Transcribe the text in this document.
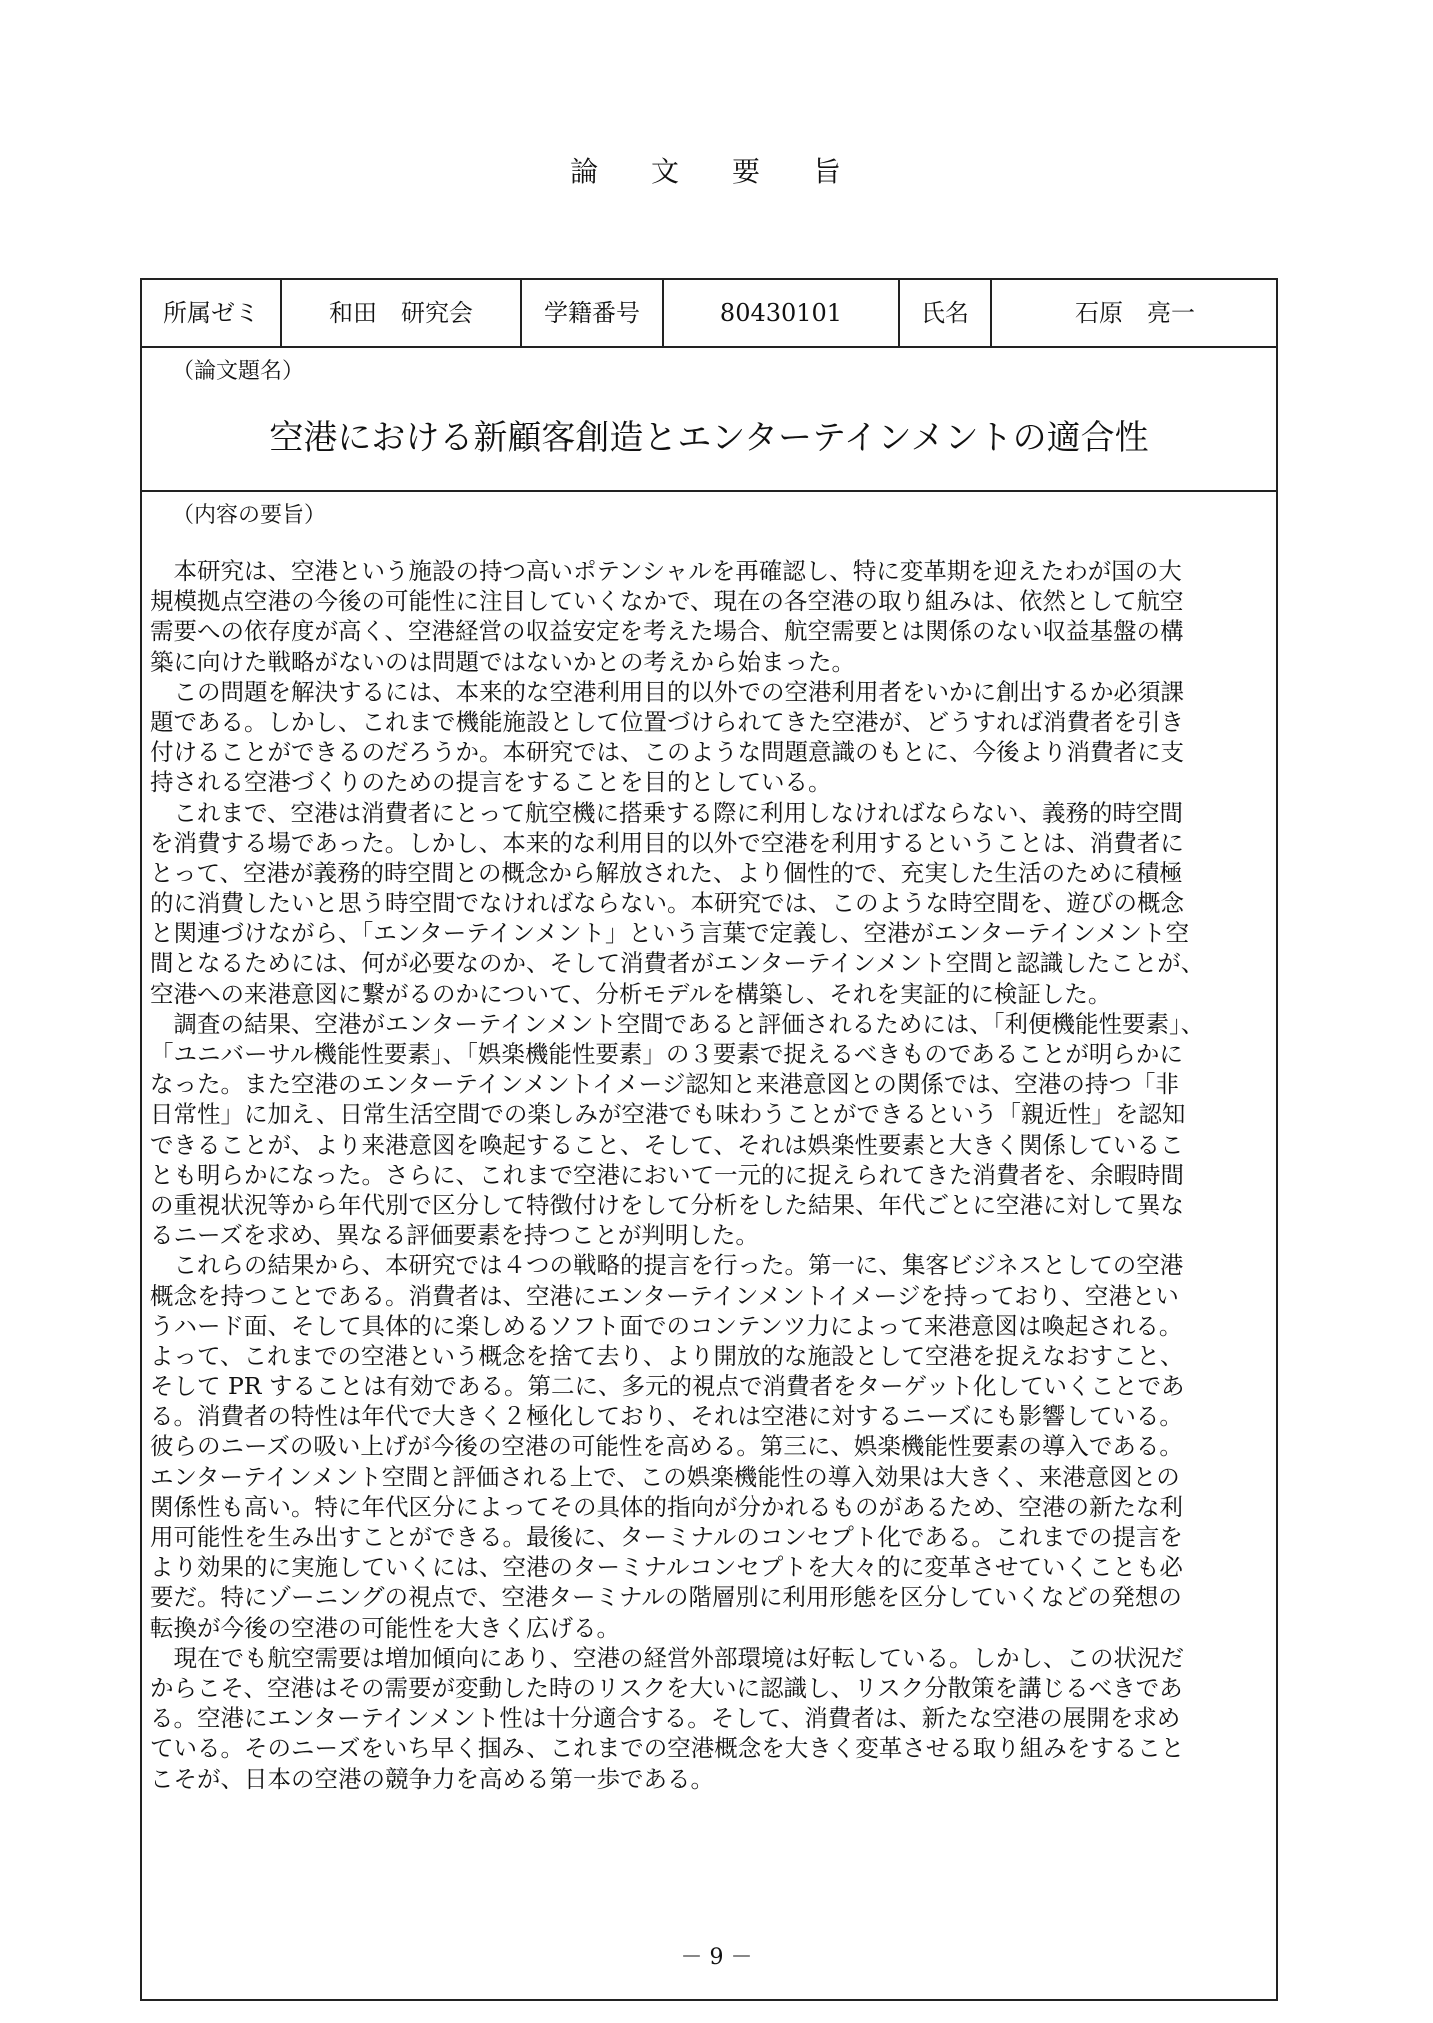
論 文 要 旨
所属ゼミ	和田　研究会	学籍番号	80430101	氏名	石原　亮一
（論文題名）
空港における新顧客創造とエンターテインメントの適合性
（内容の要旨）
　本研究は、空港という施設の持つ高いポテンシャルを再確認し、特に変革期を迎えたわが国の大
規模拠点空港の今後の可能性に注目していくなかで、現在の各空港の取り組みは、依然として航空
需要への依存度が高く、空港経営の収益安定を考えた場合、航空需要とは関係のない収益基盤の構
築に向けた戦略がないのは問題ではないかとの考えから始まった。
　この問題を解決するには、本来的な空港利用目的以外での空港利用者をいかに創出するか必須課
題である。しかし、これまで機能施設として位置づけられてきた空港が、どうすれば消費者を引き
付けることができるのだろうか。本研究では、このような問題意識のもとに、今後より消費者に支
持される空港づくりのための提言をすることを目的としている。
　これまで、空港は消費者にとって航空機に搭乗する際に利用しなければならない、義務的時空間
を消費する場であった。しかし、本来的な利用目的以外で空港を利用するということは、消費者に
とって、空港が義務的時空間との概念から解放された、より個性的で、充実した生活のために積極
的に消費したいと思う時空間でなければならない。本研究では、このような時空間を、遊びの概念
と関連づけながら、「エンターテインメント」という言葉で定義し、空港がエンターテインメント空
間となるためには、何が必要なのか、そして消費者がエンターテインメント空間と認識したことが、
空港への来港意図に繋がるのかについて、分析モデルを構築し、それを実証的に検証した。
　調査の結果、空港がエンターテインメント空間であると評価されるためには、「利便機能性要素」、
「ユニバーサル機能性要素」、「娯楽機能性要素」の３要素で捉えるべきものであることが明らかに
なった。また空港のエンターテインメントイメージ認知と来港意図との関係では、空港の持つ「非
日常性」に加え、日常生活空間での楽しみが空港でも味わうことができるという「親近性」を認知
できることが、より来港意図を喚起すること、そして、それは娯楽性要素と大きく関係しているこ
とも明らかになった。さらに、これまで空港において一元的に捉えられてきた消費者を、余暇時間
の重視状況等から年代別で区分して特徴付けをして分析をした結果、年代ごとに空港に対して異な
るニーズを求め、異なる評価要素を持つことが判明した。
　これらの結果から、本研究では４つの戦略的提言を行った。第一に、集客ビジネスとしての空港
概念を持つことである。消費者は、空港にエンターテインメントイメージを持っており、空港とい
うハード面、そして具体的に楽しめるソフト面でのコンテンツ力によって来港意図は喚起される。
よって、これまでの空港という概念を捨て去り、より開放的な施設として空港を捉えなおすこと、
そして PR することは有効である。第二に、多元的視点で消費者をターゲット化していくことであ
る。消費者の特性は年代で大きく２極化しており、それは空港に対するニーズにも影響している。
彼らのニーズの吸い上げが今後の空港の可能性を高める。第三に、娯楽機能性要素の導入である。
エンターテインメント空間と評価される上で、この娯楽機能性の導入効果は大きく、来港意図との
関係性も高い。特に年代区分によってその具体的指向が分かれるものがあるため、空港の新たな利
用可能性を生み出すことができる。最後に、ターミナルのコンセプト化である。これまでの提言を
より効果的に実施していくには、空港のターミナルコンセプトを大々的に変革させていくことも必
要だ。特にゾーニングの視点で、空港ターミナルの階層別に利用形態を区分していくなどの発想の
転換が今後の空港の可能性を大きく広げる。
　現在でも航空需要は増加傾向にあり、空港の経営外部環境は好転している。しかし、この状況だ
からこそ、空港はその需要が変動した時のリスクを大いに認識し、リスク分散策を講じるべきであ
る。空港にエンターテインメント性は十分適合する。そして、消費者は、新たな空港の展開を求め
ている。そのニーズをいち早く掴み、これまでの空港概念を大きく変革させる取り組みをすること
こそが、日本の空港の競争力を高める第一歩である。
－ 9 －
